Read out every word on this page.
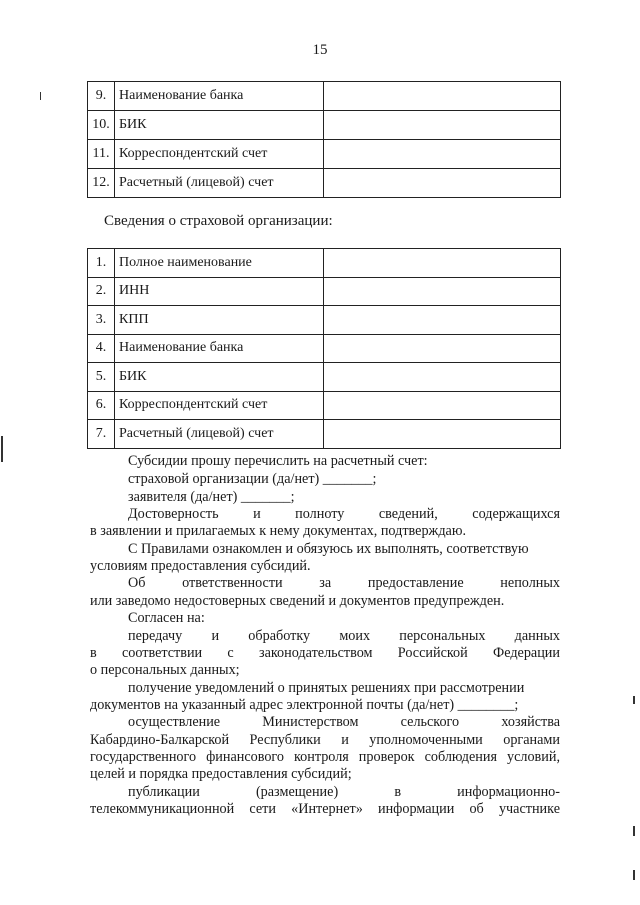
15
9.	Наименование банка	
10.	БИК	
11.	Корреспондентский счет	
12.	Расчетный (лицевой) счет	
Сведения о страховой организации:
1.	Полное наименование	
2.	ИНН	
3.	КПП	
4.	Наименование банка	
5.	БИК	
6.	Корреспондентский счет	
7.	Расчетный (лицевой) счет	
Субсидии прошу перечислить на расчетный счет:
страховой организации (да/нет) _______;
заявителя (да/нет) _______;
Достоверность и полноту сведений, содержащихся
в заявлении и прилагаемых к нему документах, подтверждаю.
С Правилами ознакомлен и обязуюсь их выполнять, соответствую
условиям предоставления субсидий.
Об ответственности за предоставление неполных
или заведомо недостоверных сведений и документов предупрежден.
Согласен на:
передачу и обработку моих персональных данных
в соответствии с законодательством Российской Федерации
о персональных данных;
получение уведомлений о принятых решениях при рассмотрении
документов на указанный адрес электронной почты (да/нет) ________;
осуществление Министерством сельского хозяйства
Кабардино-Балкарской Республики и уполномоченными органами
государственного финансового контроля проверок соблюдения условий,
целей и порядка предоставления субсидий;
публикации (размещение) в информационно-
телекоммуникационной сети «Интернет» информации об участнике
